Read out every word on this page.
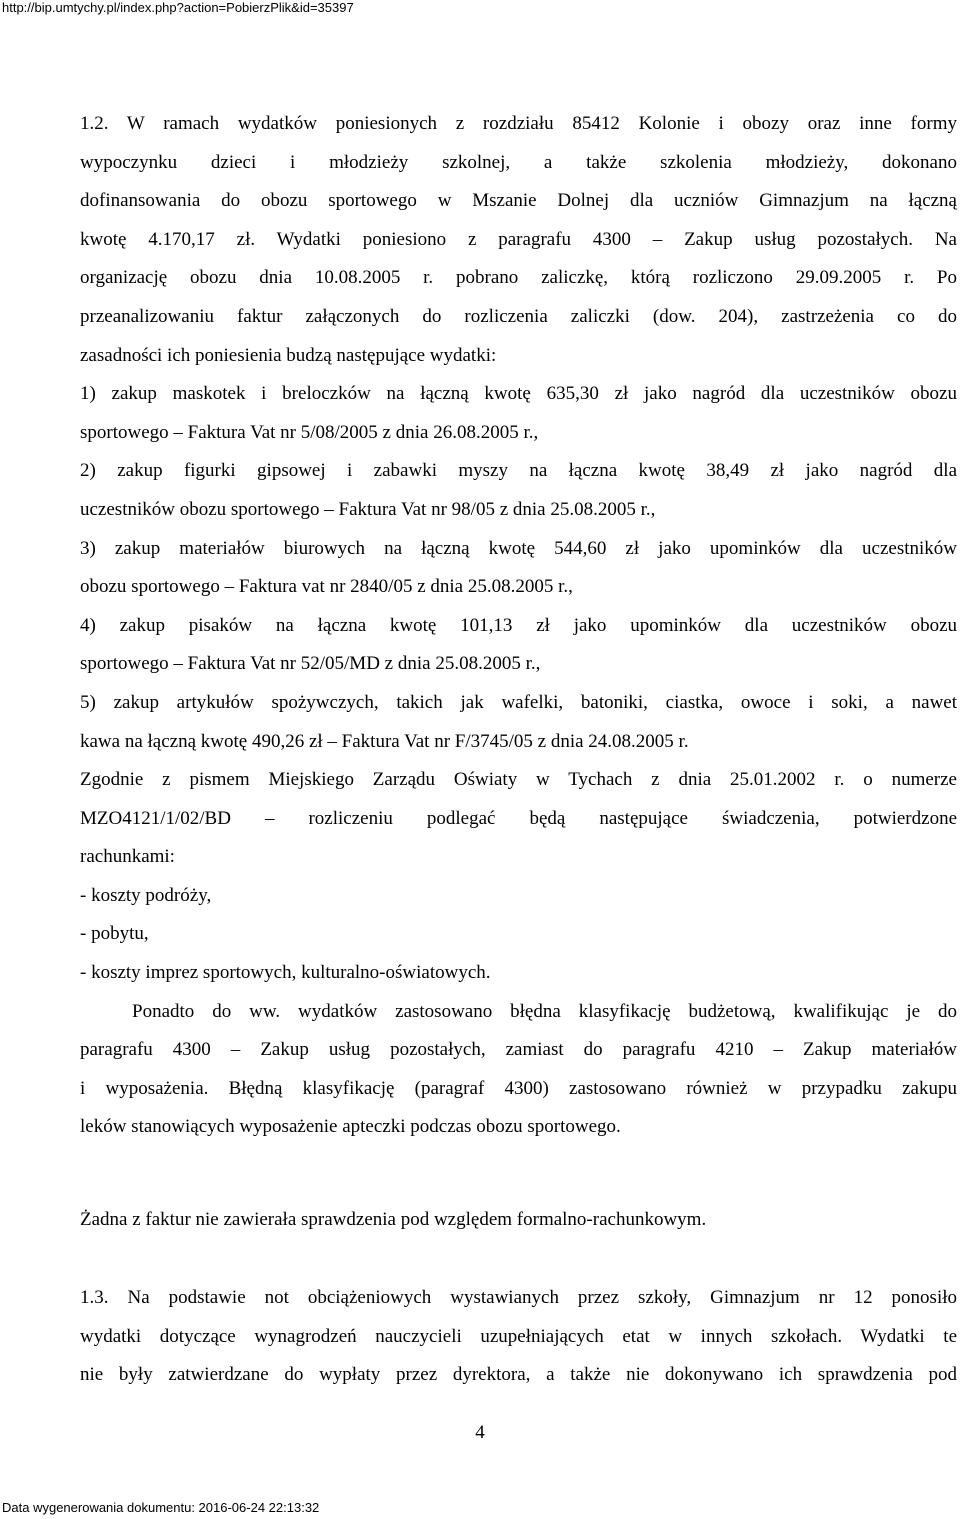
http://bip.umtychy.pl/index.php?action=PobierzPlik&id=35397

1.2. W ramach wydatków poniesionych z rozdziału 85412 Kolonie i obozy oraz inne formy

wypoczynku dzieci i młodzieży szkolnej, a także szkolenia młodzieży, dokonano

dofinansowania do obozu sportowego w Mszanie Dolnej dla uczniów Gimnazjum na łączną

kwotę 4.170,17 zł. Wydatki poniesiono z paragrafu 4300 – Zakup usług pozostałych. Na

organizację obozu dnia 10.08.2005 r. pobrano zaliczkę, którą rozliczono 29.09.2005 r. Po

przeanalizowaniu faktur załączonych do rozliczenia zaliczki (dow. 204), zastrzeżenia co do

zasadności ich poniesienia budzą następujące wydatki:

1) zakup maskotek i breloczków na łączną kwotę 635,30 zł jako nagród dla uczestników obozu

sportowego – Faktura Vat nr 5/08/2005 z dnia 26.08.2005 r.,

2) zakup figurki gipsowej i zabawki myszy na łączna kwotę 38,49 zł jako nagród dla

uczestników obozu sportowego – Faktura Vat nr 98/05 z dnia 25.08.2005 r.,

3) zakup materiałów biurowych na łączną kwotę 544,60 zł jako upominków dla uczestników

obozu sportowego – Faktura vat nr 2840/05 z dnia 25.08.2005 r.,

4) zakup pisaków na łączna kwotę 101,13 zł jako upominków dla uczestników obozu

sportowego – Faktura Vat nr 52/05/MD z dnia 25.08.2005 r.,

5) zakup artykułów spożywczych, takich jak wafelki, batoniki, ciastka, owoce i soki, a nawet

kawa na łączną kwotę 490,26 zł – Faktura Vat nr F/3745/05 z dnia 24.08.2005 r.

Zgodnie z pismem Miejskiego Zarządu Oświaty w Tychach z dnia 25.01.2002 r. o numerze

MZO4121/1/02/BD – rozliczeniu podlegać będą następujące świadczenia, potwierdzone

rachunkami:

- koszty podróży,

- pobytu,

- koszty imprez sportowych, kulturalno-oświatowych.

Ponadto do ww. wydatków zastosowano błędna klasyfikację budżetową, kwalifikując je do

paragrafu 4300 – Zakup usług pozostałych, zamiast do paragrafu 4210 – Zakup materiałów

i wyposażenia. Błędną klasyfikację (paragraf 4300) zastosowano również w przypadku zakupu

leków stanowiących wyposażenie apteczki podczas obozu sportowego.

Żadna z faktur nie zawierała sprawdzenia pod względem formalno-rachunkowym.

1.3. Na podstawie not obciążeniowych wystawianych przez szkoły, Gimnazjum nr 12 ponosiło

wydatki dotyczące wynagrodzeń nauczycieli uzupełniających etat w innych szkołach. Wydatki te

nie były zatwierdzane do wypłaty przez dyrektora, a także nie dokonywano ich sprawdzenia pod

4
Data wygenerowania dokumentu: 2016-06-24 22:13:32
